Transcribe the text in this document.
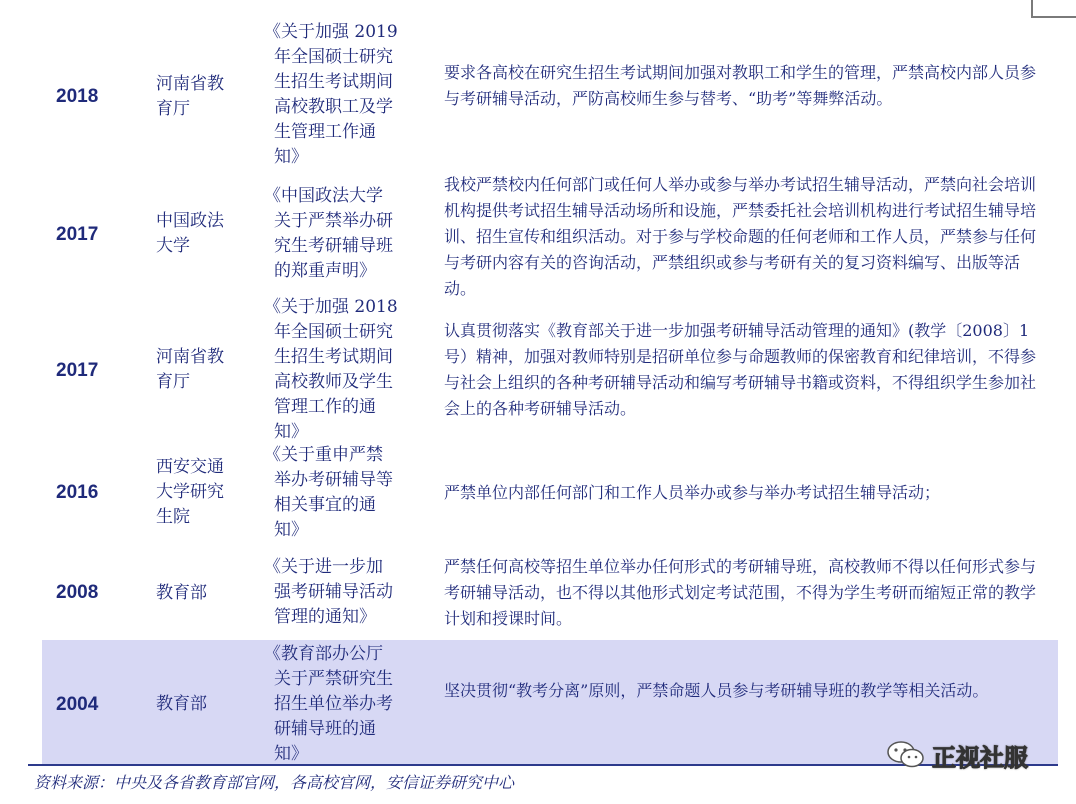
2018
河南省教
育厅
《关于加强 2019
年全国硕士研究
生招生考试期间
高校教职工及学
生管理工作通
知》
要求各高校在研究生招生考试期间加强对教职工和学生的管理，严禁高校内部人员参与考研辅导活动，严防高校师生参与替考、“助考”等舞弊活动。
2017
中国政法
大学
《中国政法大学
关于严禁举办研
究生考研辅导班
的郑重声明》
我校严禁校内任何部门或任何人举办或参与举办考试招生辅导活动，严禁向社会培训机构提供考试招生辅导活动场所和设施，严禁委托社会培训机构进行考试招生辅导培训、招生宣传和组织活动。对于参与学校命题的任何老师和工作人员，严禁参与任何与考研内容有关的咨询活动，严禁组织或参与考研有关的复习资料编写、出版等活动。
2017
河南省教
育厅
《关于加强 2018
年全国硕士研究
生招生考试期间
高校教师及学生
管理工作的通
知》
认真贯彻落实《教育部关于进一步加强考研辅导活动管理的通知》(教学〔2008〕1 号）精神，加强对教师特别是招研单位参与命题教师的保密教育和纪律培训，不得参与社会上组织的各种考研辅导活动和编写考研辅导书籍或资料，不得组织学生参加社会上的各种考研辅导活动。
2016
西安交通
大学研究
生院
《关于重申严禁
举办考研辅导等
相关事宜的通
知》
严禁单位内部任何部门和工作人员举办或参与举办考试招生辅导活动；
2008	教育部
《关于进一步加
强考研辅导活动
管理的通知》
严禁任何高校等招生单位举办任何形式的考研辅导班，高校教师不得以任何形式参与考研辅导活动，也不得以其他形式划定考试范围，不得为学生考研而缩短正常的教学计划和授课时间。
2004	教育部
《教育部办公厅
关于严禁研究生
招生单位举办考
研辅导班的通
知》
坚决贯彻“教考分离”原则，严禁命题人员参与考研辅导班的教学等相关活动。
资料来源：中央及各省教育部官网，各高校官网，安信证券研究中心
正视社服
